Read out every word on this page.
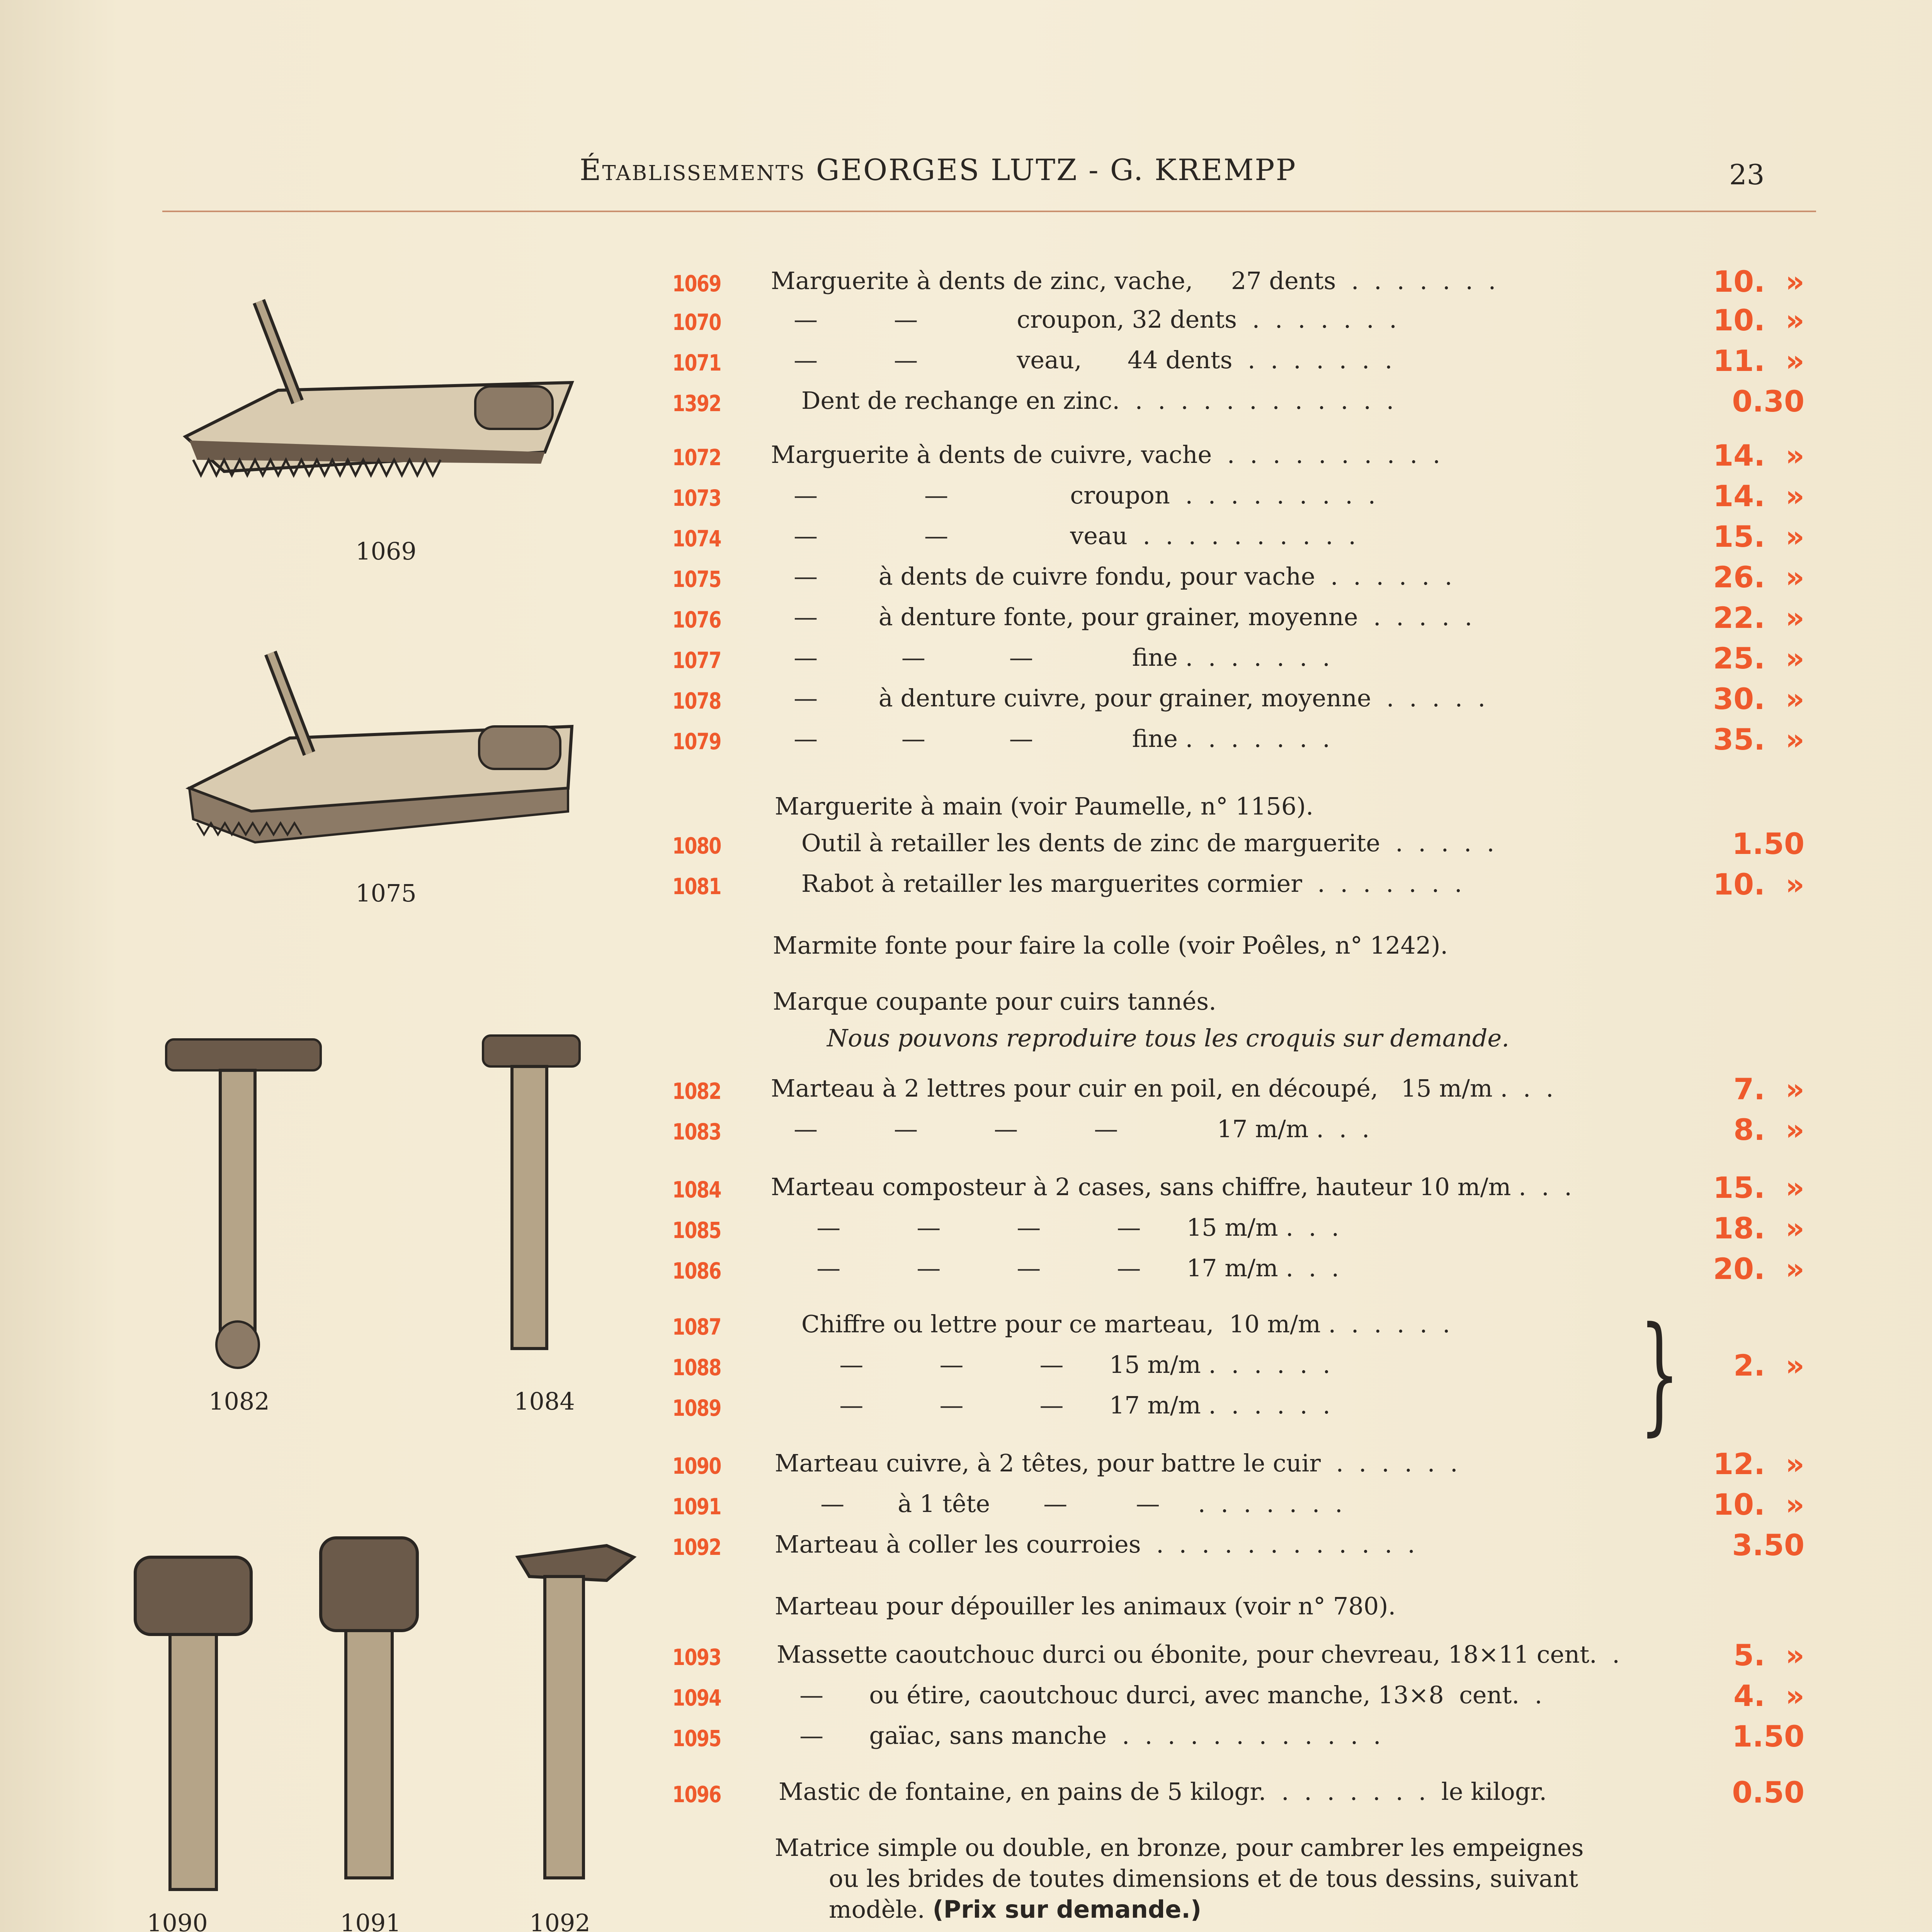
Établissements GEORGES LUTZ - G. KREMPP	23
1069
1075
1082	1084
1090	1091	1092
1069 Marguerite à dents de zinc, vache,     27 dents  .  .  .  .  .  .  .	10.  »
1070 —          —             croupon, 32 dents  .  .  .  .  .  .  .	10.  »
1071 —          —             veau,      44 dents  .  .  .  .  .  .  .	11.  »
1392 Dent de rechange en zinc.  .  .  .  .  .  .  .  .  .  .  .  .	0.30
1072 Marguerite à dents de cuivre, vache  .  .  .  .  .  .  .  .  .  .	14.  »
1073 —              —                croupon  .  .  .  .  .  .  .  .  .	14.  »
1074 —              —                veau  .  .  .  .  .  .  .  .  .  .	15.  »
1075 —        à dents de cuivre fondu, pour vache  .  .  .  .  .  .	26.  »
1076 —        à denture fonte, pour grainer, moyenne  .  .  .  .  .	22.  »
1077 —           —           —             fine .  .  .  .  .  .  .	25.  »
1078 —        à denture cuivre, pour grainer, moyenne  .  .  .  .  .	30.  »
1079 —           —           —             fine .  .  .  .  .  .  .	35.  »
1080 Outil à retailler les dents de zinc de marguerite  .  .  .  .  .	1.50
1081 Rabot à retailler les marguerites cormier  .  .  .  .  .  .  .	10.  »
1082 Marteau à 2 lettres pour cuir en poil, en découpé,   15 m/m .  .  .	7.  »
1083 —          —          —          —             17 m/m .  .  .	8.  »
1084 Marteau composteur à 2 cases, sans chiffre, hauteur 10 m/m .  .  .	15.  »
1085 —          —          —          —      15 m/m .  .  .	18.  »
1086 —          —          —          —      17 m/m .  .  .	20.  »
1087 Chiffre ou lettre pour ce marteau,  10 m/m .  .  .  .  .  .
1088 —          —          —      15 m/m .  .  .  .  .  .	2.  »
1089 —          —          —      17 m/m .  .  .  .  .  .
1090 Marteau cuivre, à 2 têtes, pour battre le cuir  .  .  .  .  .  .	12.  »
1091 —       à 1 tête       —         —     .  .  .  .  .  .  .	10.  »
1092 Marteau à coller les courroies  .  .  .  .  .  .  .  .  .  .  .  .	3.50
1093 Massette caoutchouc durci ou ébonite, pour chevreau, 18×11 cent.  .	5.  »
1094 —      ou étire, caoutchouc durci, avec manche, 13×8  cent.  .	4.  »
1095 —      gaïac, sans manche  .  .  .  .  .  .  .  .  .  .  .  .	1.50
1096 Mastic de fontaine, en pains de 5 kilogr.  .  .  .  .  .  .  .  le kilogr.	0.50
Marguerite à main (voir Paumelle, n° 1156).
Marmite fonte pour faire la colle (voir Poêles, n° 1242).
Marque coupante pour cuirs tannés.
Nous pouvons reproduire tous les croquis sur demande.
Marteau pour dépouiller les animaux (voir n° 780).
Matrice simple ou double, en bronze, pour cambrer les empeignes
ou les brides de toutes dimensions et de tous dessins, suivant
modèle. (Prix sur demande.)
}
